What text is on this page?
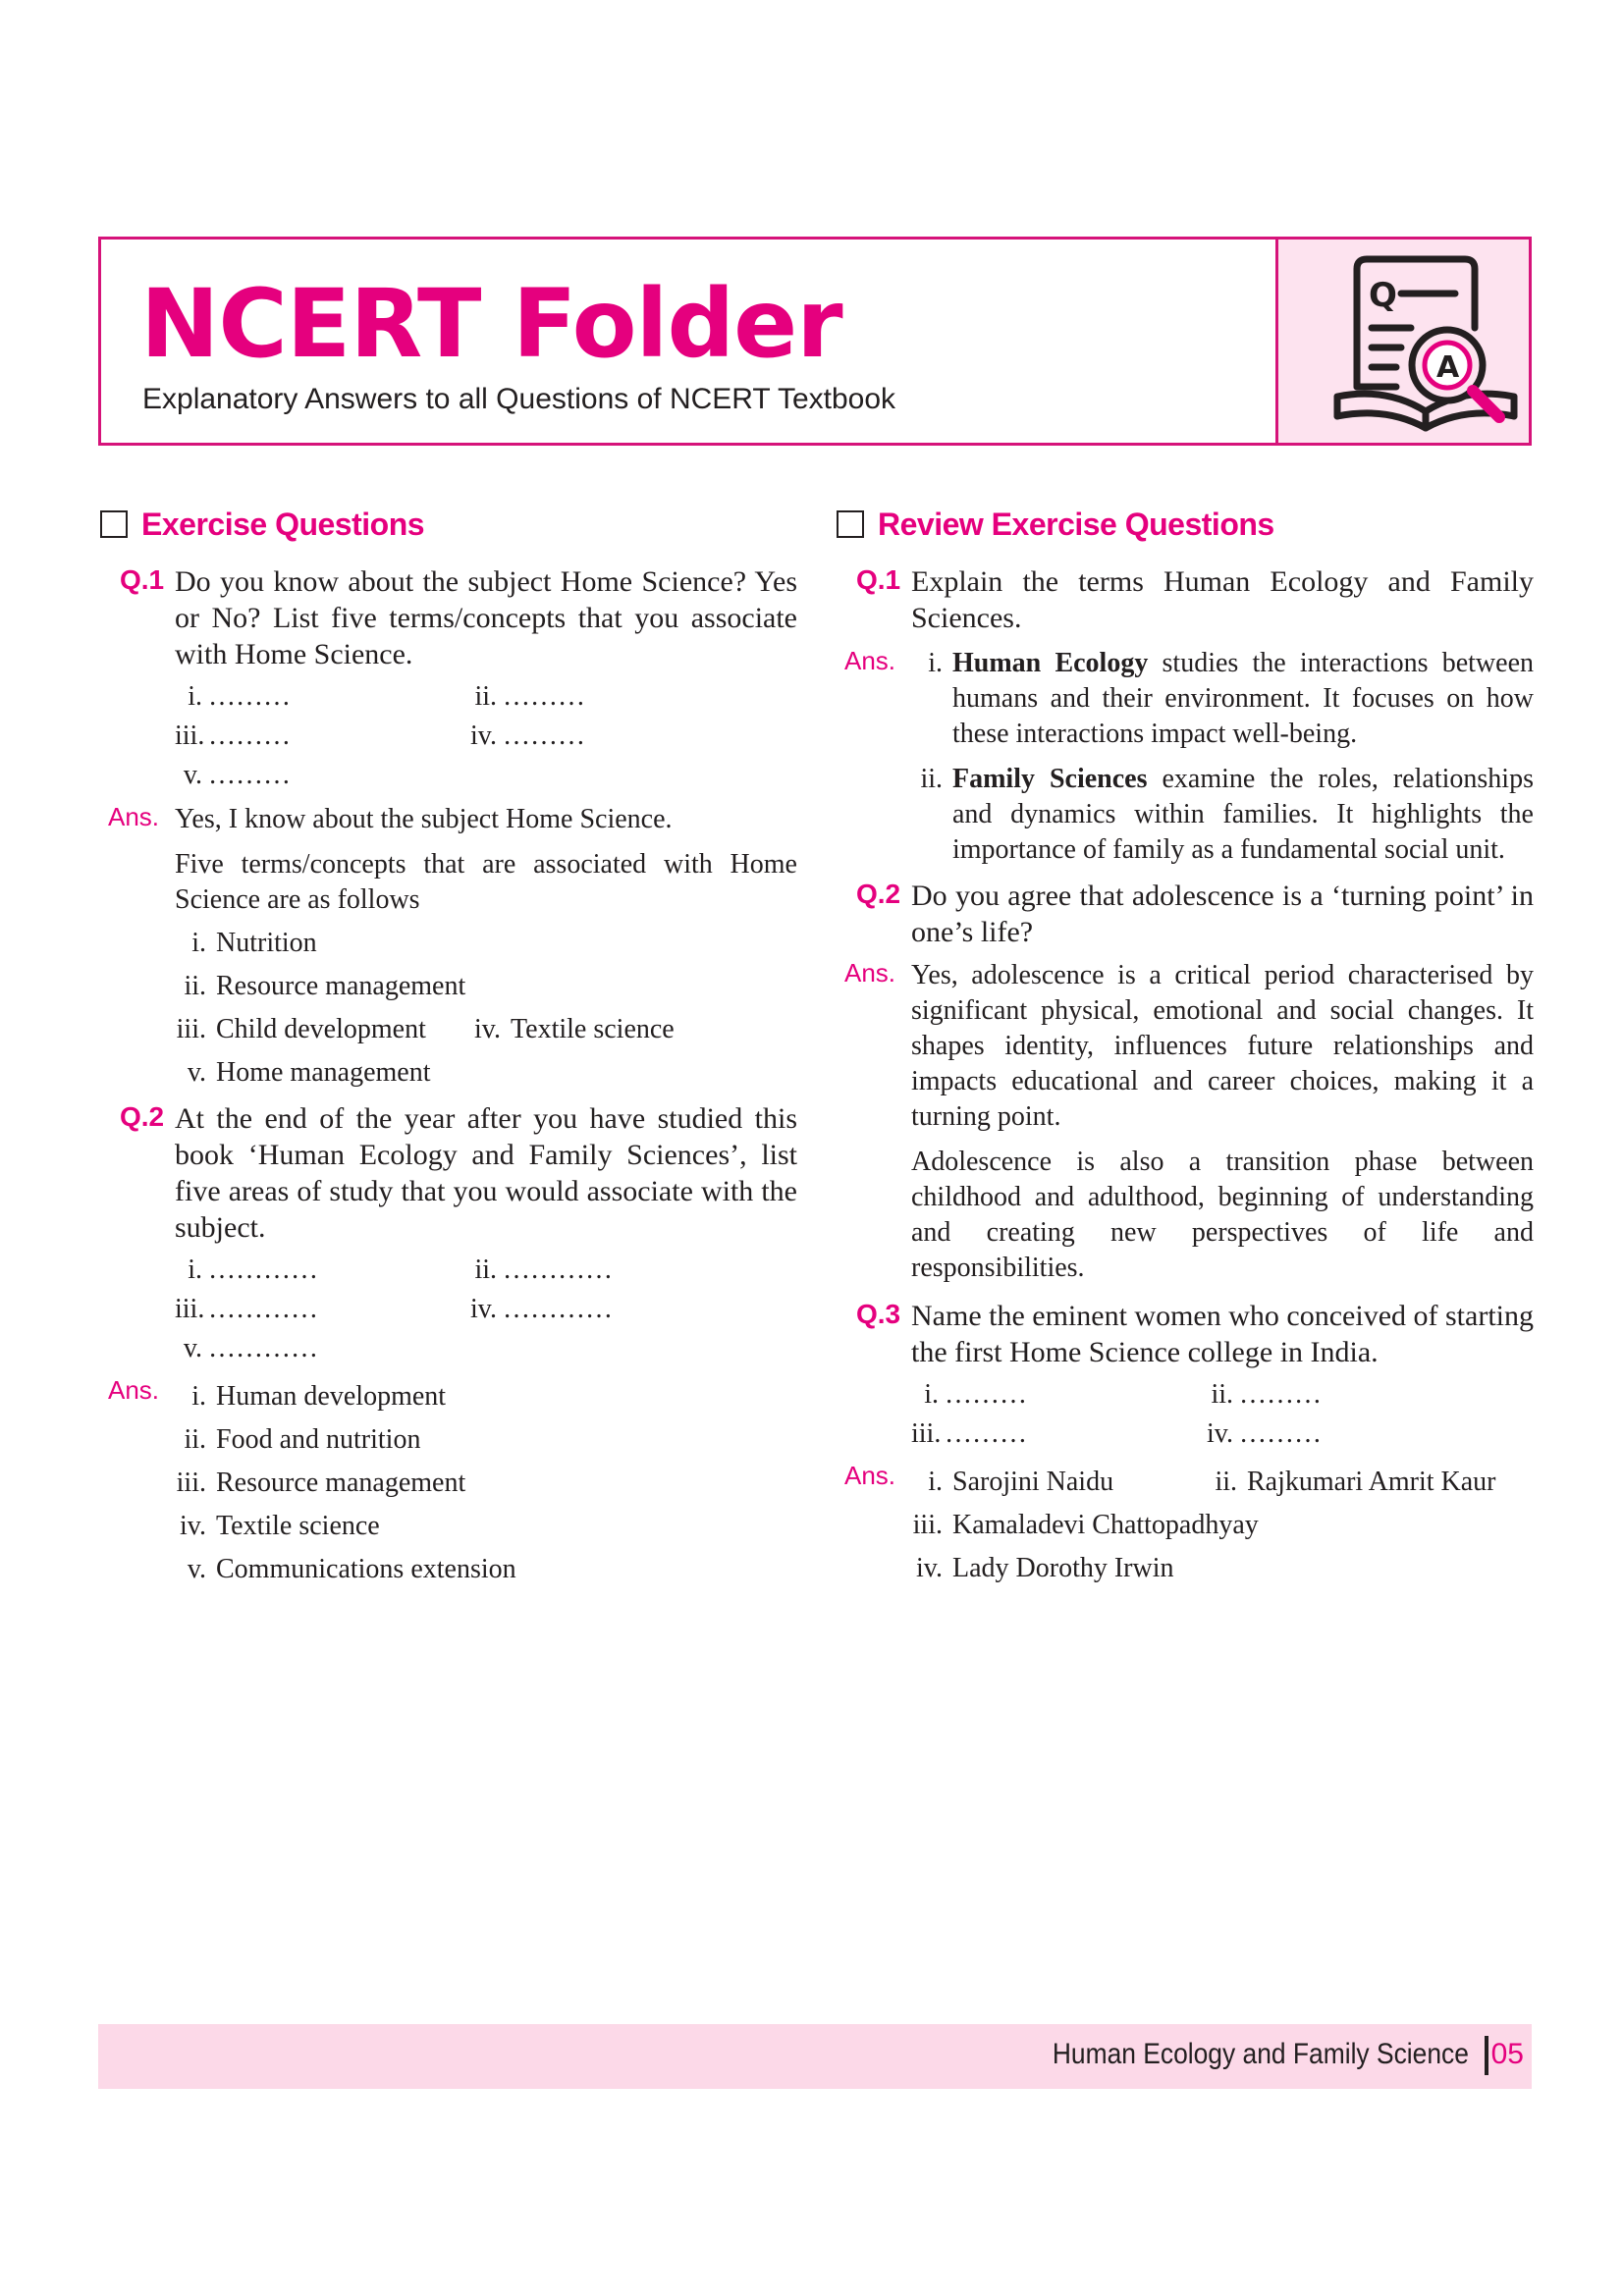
NCERT Folder

Explanatory Answers to all Questions of NCERT Textbook

Q
A
Exercise Questions
Q.1 Do you know about the subject Home Science? Yes or No? List five terms/concepts that you associate with Home Science.

i. ………	ii. ………
iii. ………	iv. ………
v. ………
Ans. Yes, I know about the subject Home Science.

Five terms/concepts that are associated with Home Science are as follows

i. Nutrition
ii. Resource management
iii. Child development	iv. Textile science
v. Home management
Q.2 At the end of the year after you have studied this book ‘Human Ecology and Family Sciences’, list five areas of study that you would associate with the subject.

i. …………	ii. …………
iii. …………	iv. …………
v. …………
Ans.	i. Human development
ii. Food and nutrition
iii. Resource management
iv. Textile science
v. Communications extension
Review Exercise Questions
Q.1 Explain the terms Human Ecology and Family Sciences.

Ans.	i. Human Ecology studies the interactions between humans and their environment. It focuses on how these interactions impact well-being.
ii. Family Sciences examine the roles, relationships and dynamics within families. It highlights the importance of family as a fundamental social unit.
Q.2 Do you agree that adolescence is a ‘turning point’ in one’s life?

Ans. Yes, adolescence is a critical period characterised by significant physical, emotional and social changes. It shapes identity, influences future relationships and impacts educational and career choices, making it a turning point.

Adolescence is also a transition phase between childhood and adulthood, beginning of understanding and creating new perspectives of life and responsibilities.

Q.3 Name the eminent women who conceived of starting the first Home Science college in India.

i. ………	ii. ………
iii. ………	iv. ………
Ans.	i. Sarojini Naidu	ii. Rajkumari Amrit Kaur
iii. Kamaladevi Chattopadhyay
iv. Lady Dorothy Irwin
Human Ecology and Family Science 05
